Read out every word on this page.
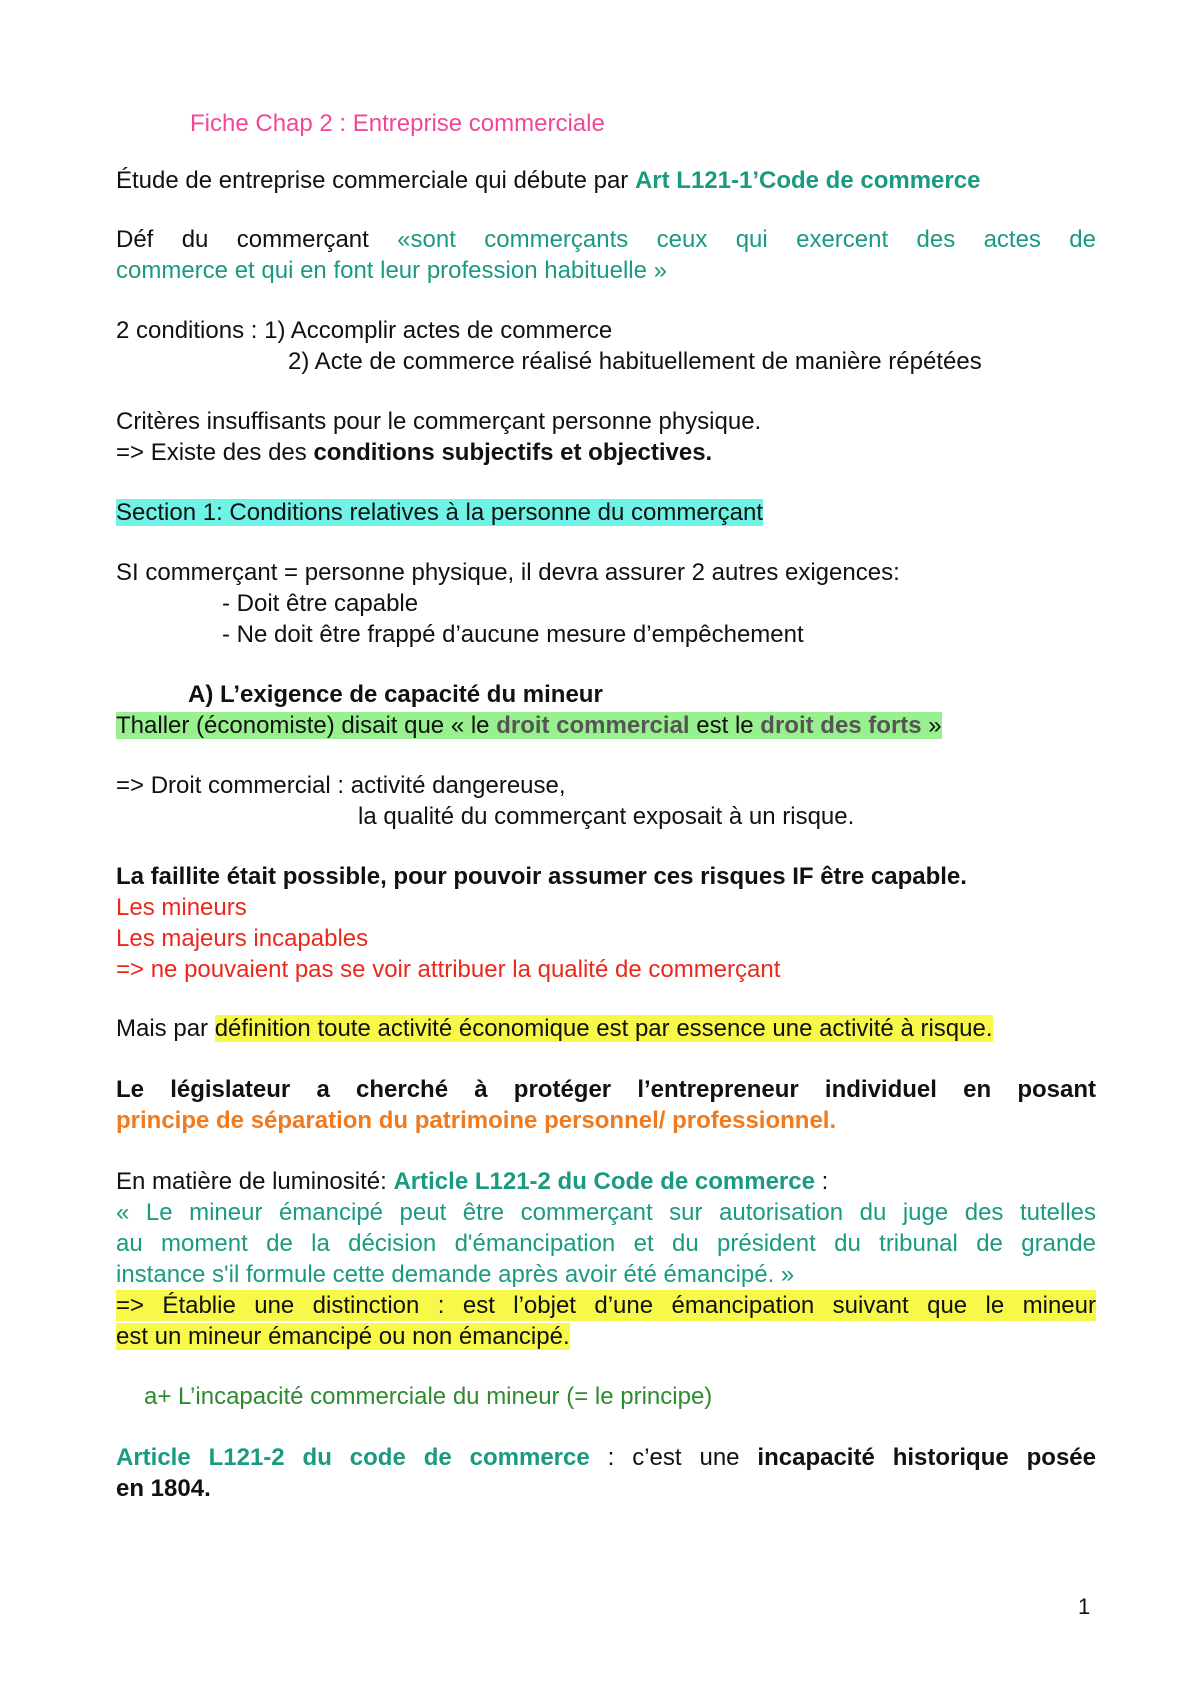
Fiche Chap 2 : Entreprise commerciale
Étude de entreprise commerciale qui débute par Art L121-1’Code de commerce
Déf du commerçant «sont commerçants ceux qui exercent des actes de
commerce et qui en font leur profession habituelle »
2 conditions : 1) Accomplir actes de commerce
2) Acte de commerce réalisé habituellement de manière répétées
Critères insuffisants pour le commerçant personne physique.
=> Existe des des conditions subjectifs et objectives.
Section 1: Conditions relatives à la personne du commerçant
SI commerçant = personne physique, il devra assurer 2 autres exigences:
- Doit être capable
- Ne doit être frappé d’aucune mesure d’empêchement
A) L’exigence de capacité du mineur
Thaller (économiste) disait que « le droit commercial est le droit des forts »
=> Droit commercial : activité dangereuse,
la qualité du commerçant exposait à un risque.
La faillite était possible, pour pouvoir assumer ces risques IF être capable.
Les mineurs
Les majeurs incapables
=> ne pouvaient pas se voir attribuer la qualité de commerçant
Mais par définition toute activité économique est par essence une activité à risque.
Le législateur a cherché à protéger l’entrepreneur individuel en posant
principe de séparation du patrimoine personnel/ professionnel.
En matière de luminosité: Article L121-2 du Code de commerce :
« Le mineur émancipé peut être commerçant sur autorisation du juge des tutelles
au moment de la décision d'émancipation et du président du tribunal de grande
instance s'il formule cette demande après avoir été émancipé. »
=> Établie une distinction : est l’objet d’une émancipation suivant que le mineur
est un mineur émancipé ou non émancipé.
a+ L’incapacité commerciale du mineur (= le principe)
Article L121-2 du code de commerce : c’est une incapacité historique posée
en 1804.
1
